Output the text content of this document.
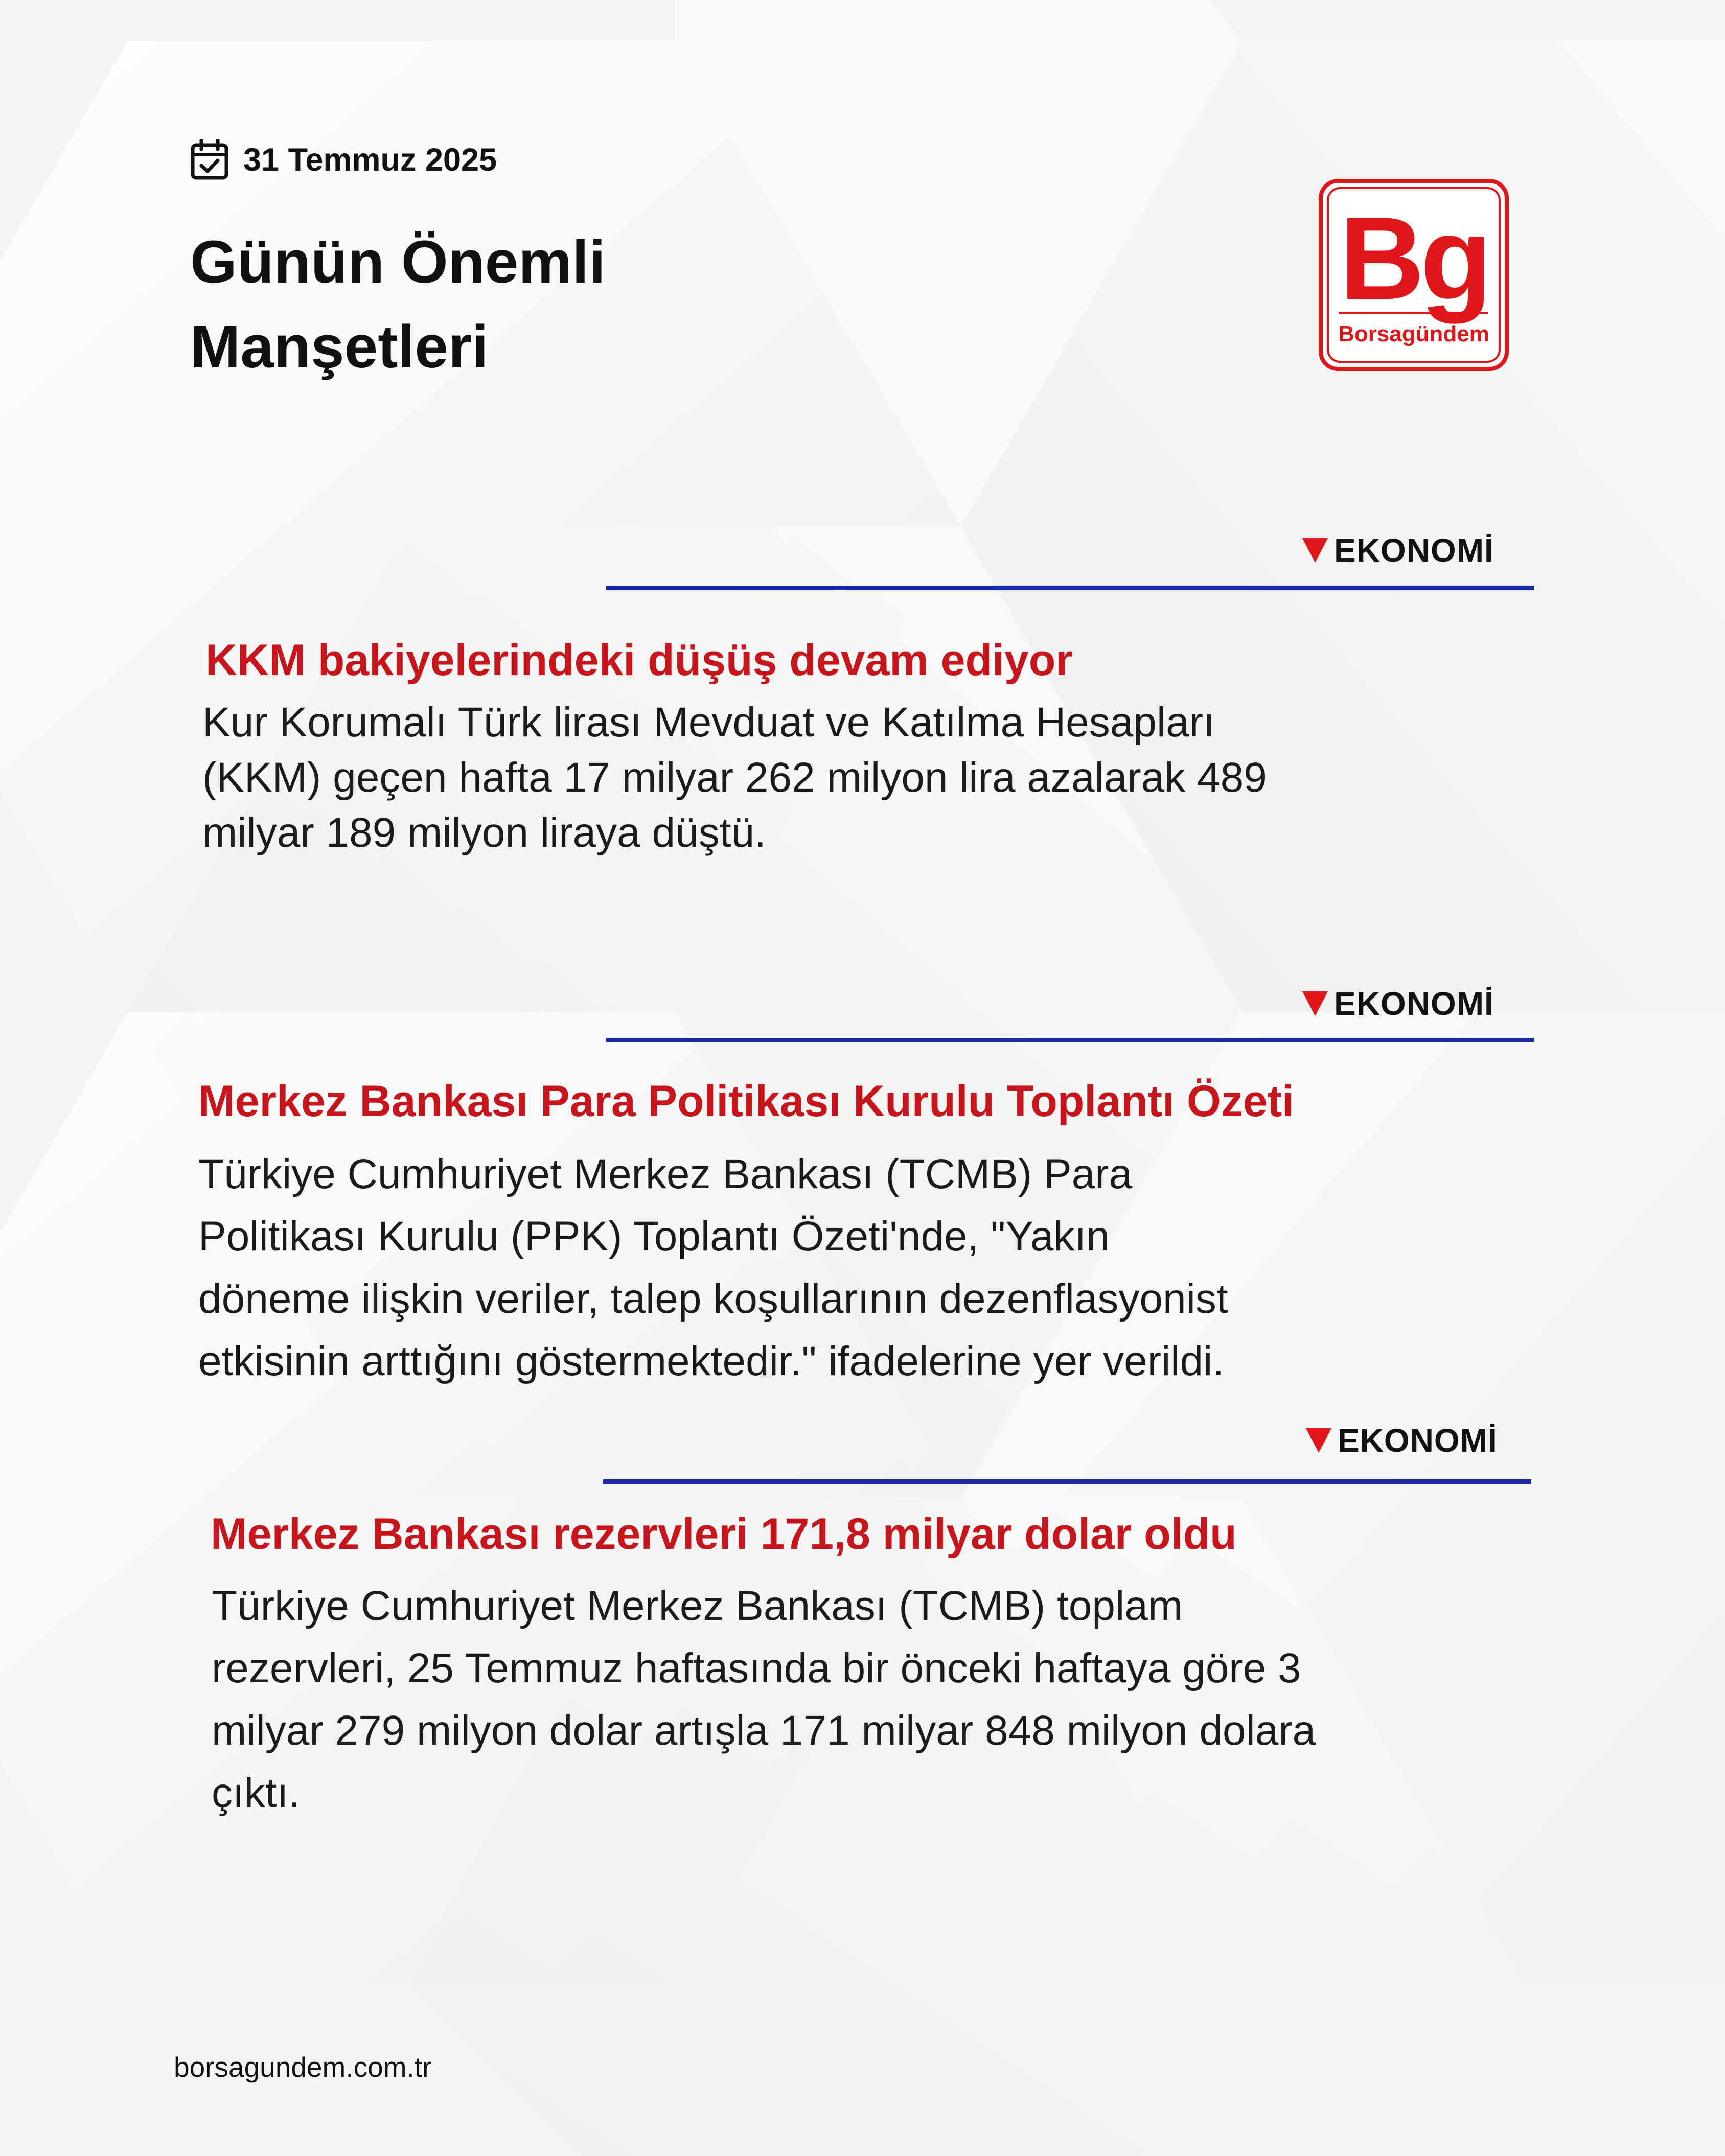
31 Temmuz 2025
Günün Önemli
Manşetleri
Bg
Borsagündem
EKONOMİ
KKM bakiyelerindeki düşüş devam ediyor

Kur Korumalı Türk lirası Mevduat ve Katılma Hesapları
(KKM) geçen hafta 17 milyar 262 milyon lira azalarak 489
milyar 189 milyon liraya düştü.

EKONOMİ
Merkez Bankası Para Politikası Kurulu Toplantı Özeti

Türkiye Cumhuriyet Merkez Bankası (TCMB) Para
Politikası Kurulu (PPK) Toplantı Özeti'nde, "Yakın
döneme ilişkin veriler, talep koşullarının dezenflasyonist
etkisinin arttığını göstermektedir." ifadelerine yer verildi.

EKONOMİ
Merkez Bankası rezervleri 171,8 milyar dolar oldu

Türkiye Cumhuriyet Merkez Bankası (TCMB) toplam
rezervleri, 25 Temmuz haftasında bir önceki haftaya göre 3
milyar 279 milyon dolar artışla 171 milyar 848 milyon dolara
çıktı.

borsagundem.com.tr
